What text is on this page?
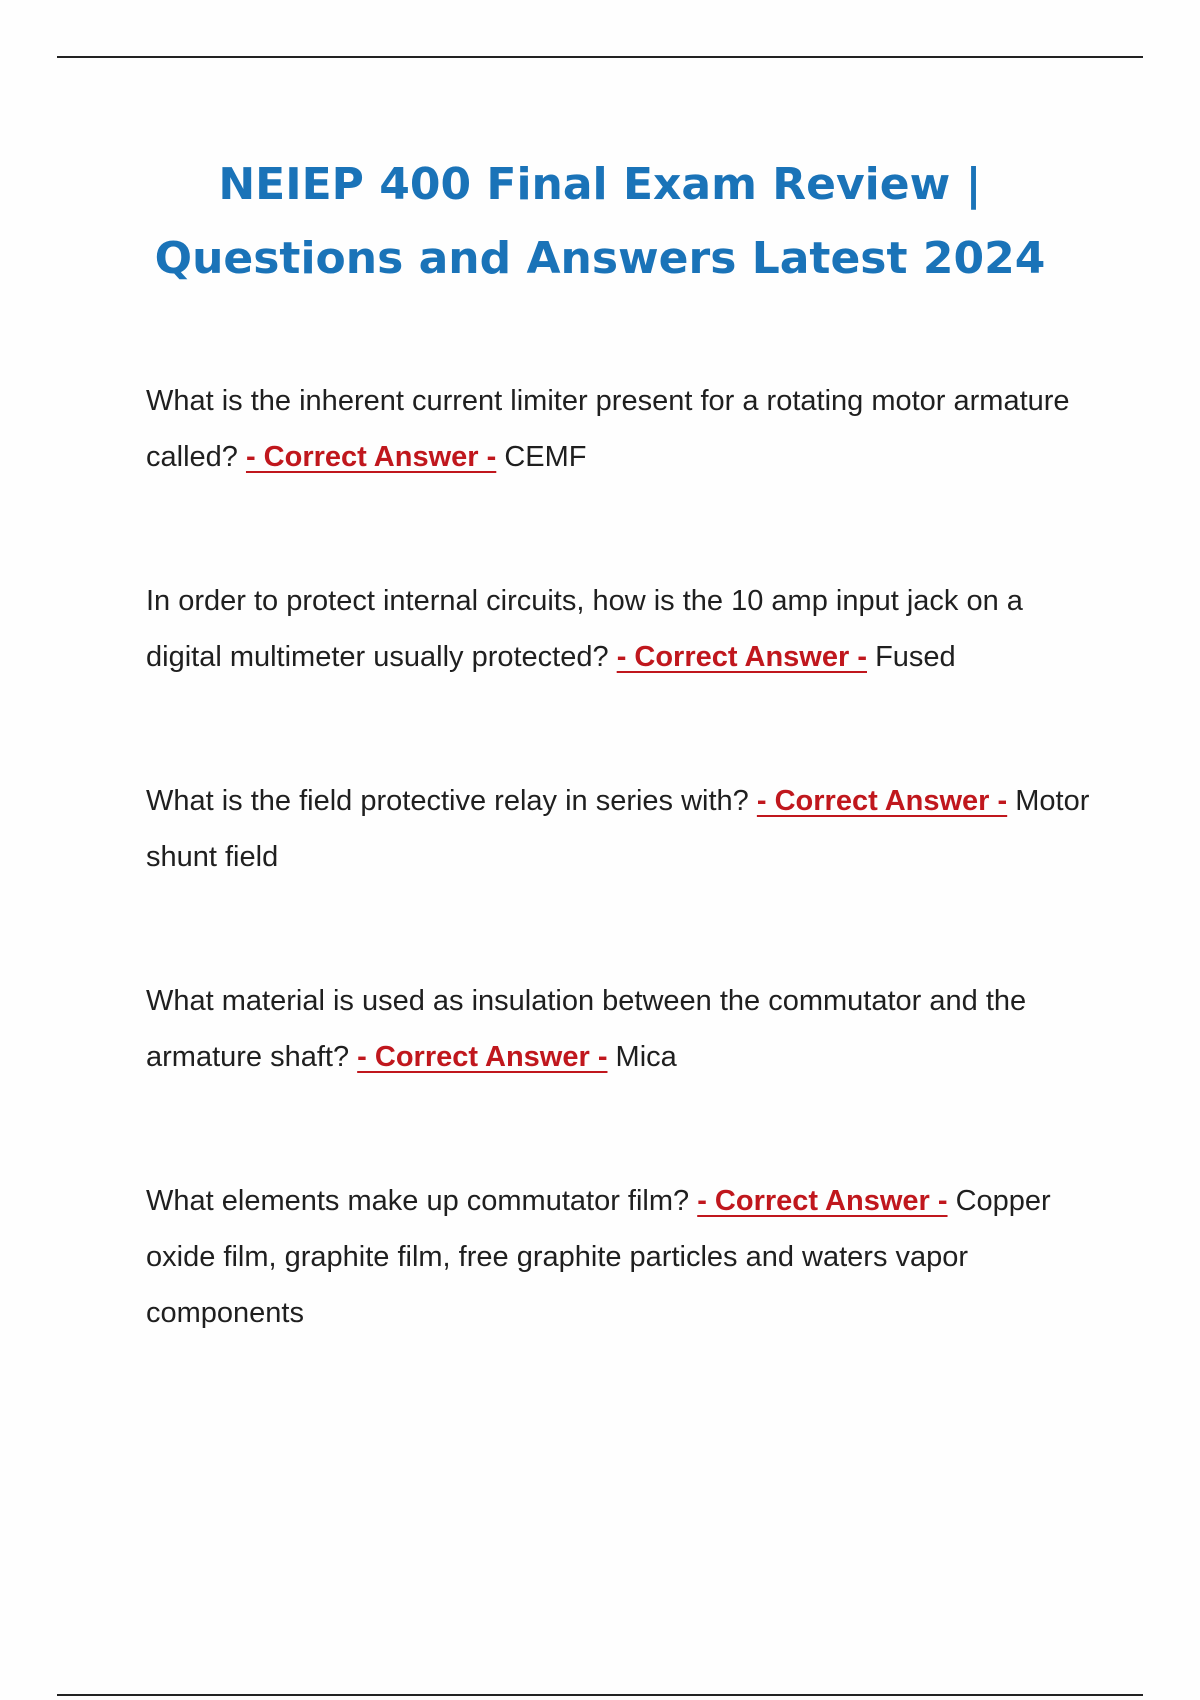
NEIEP 400 Final Exam Review |
Questions and Answers Latest 2024

What is the inherent current limiter present for a rotating motor armature called? - Correct Answer - CEMF

In order to protect internal circuits, how is the 10 amp input jack on a digital multimeter usually protected? - Correct Answer - Fused

What is the field protective relay in series with? - Correct Answer - Motor shunt field

What material is used as insulation between the commutator and the armature shaft? - Correct Answer - Mica

What elements make up commutator film? - Correct Answer - Copper oxide film, graphite film, free graphite particles and waters vapor components
